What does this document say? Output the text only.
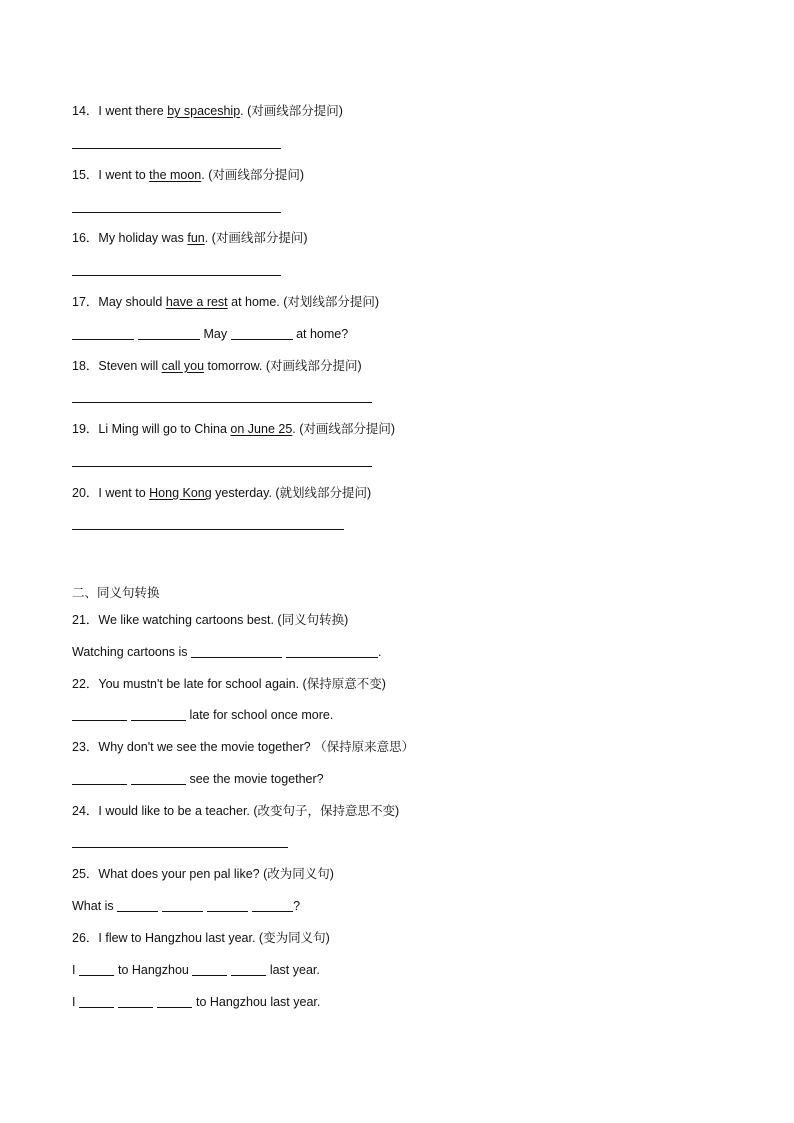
14．I went there by spaceship. (对画线部分提问)
15．I went to the moon. (对画线部分提问)
16．My holiday was fun. (对画线部分提问)
17．May should have a rest at home. (对划线部分提问)
May	at home?
18．Steven will call you tomorrow. (对画线部分提问)
19．Li Ming will go to China on June 25. (对画线部分提问)
20．I went to Hong Kong yesterday. (就划线部分提问)
二、同义句转换
21．We like watching cartoons best. (同义句转换)
Watching cartoons is	.
22．You mustn't be late for school again. (保持原意不变)
late for school once more.
23．Why don't we see the movie together? （保持原来意思）
see the movie together?
24．I would like to be a teacher. (改变句子，保持意思不变)
25．What does your pen pal like? (改为同义句)
What is	?
26．I flew to Hangzhou last year. (变为同义句)
I	to Hangzhou	last year.
I	to Hangzhou last year.
